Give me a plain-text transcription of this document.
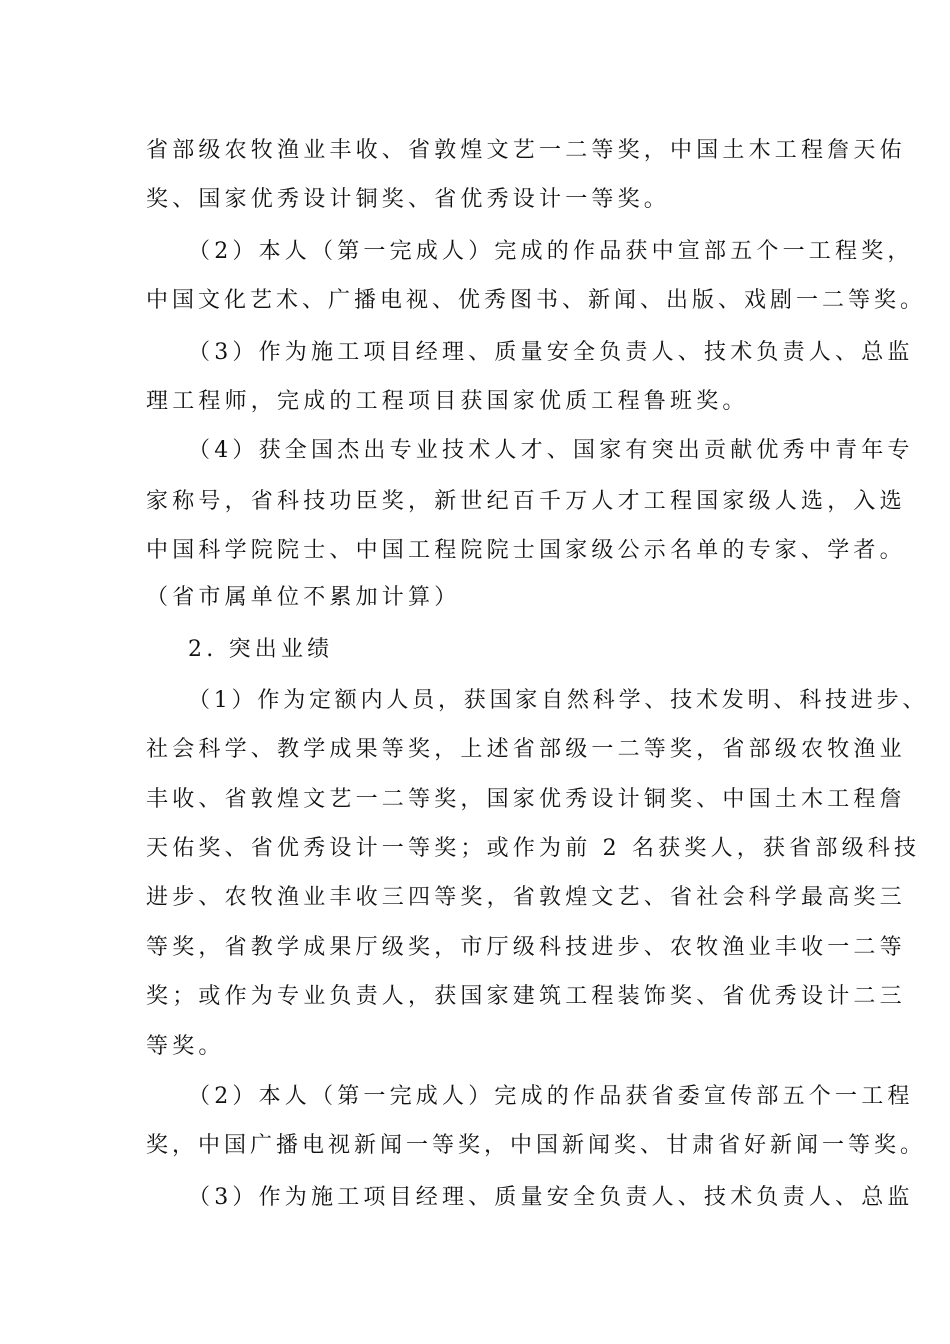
省部级农牧渔业丰收、省敦煌文艺一二等奖，中国土木工程詹天佑
奖、国家优秀设计铜奖、省优秀设计一等奖。
（2）本人（第一完成人）完成的作品获中宣部五个一工程奖，
中国文化艺术、广播电视、优秀图书、新闻、出版、戏剧一二等奖。
（3）作为施工项目经理、质量安全负责人、技术负责人、总监
理工程师，完成的工程项目获国家优质工程鲁班奖。
（4）获全国杰出专业技术人才、国家有突出贡献优秀中青年专
家称号，省科技功臣奖，新世纪百千万人才工程国家级人选，入选
中国科学院院士、中国工程院院士国家级公示名单的专家、学者。
（省市属单位不累加计算）
2. 突出业绩
（1）作为定额内人员，获国家自然科学、技术发明、科技进步、
社会科学、教学成果等奖，上述省部级一二等奖，省部级农牧渔业
丰收、省敦煌文艺一二等奖，国家优秀设计铜奖、中国土木工程詹
天佑奖、省优秀设计一等奖；或作为前 2 名获奖人，获省部级科技
进步、农牧渔业丰收三四等奖，省敦煌文艺、省社会科学最高奖三
等奖，省教学成果厅级奖，市厅级科技进步、农牧渔业丰收一二等
奖；或作为专业负责人，获国家建筑工程装饰奖、省优秀设计二三
等奖。
（2）本人（第一完成人）完成的作品获省委宣传部五个一工程
奖，中国广播电视新闻一等奖，中国新闻奖、甘肃省好新闻一等奖。
（3）作为施工项目经理、质量安全负责人、技术负责人、总监
